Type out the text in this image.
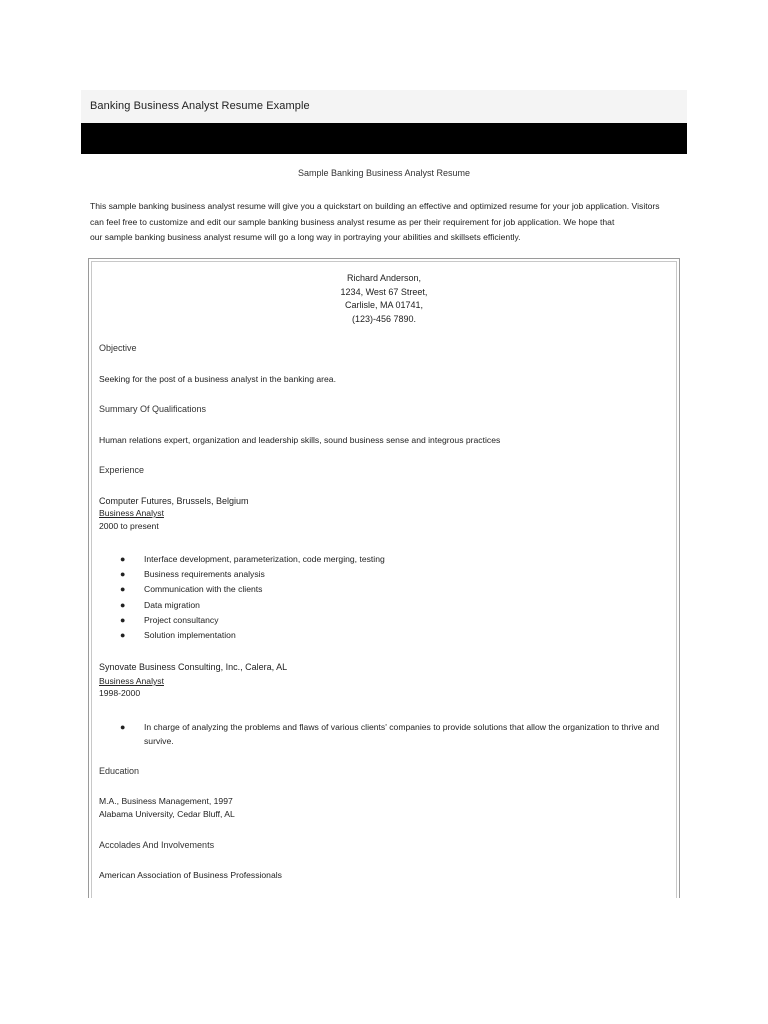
Banking Business Analyst Resume Example
Sample Banking Business Analyst Resume
This sample banking business analyst resume will give you a quickstart on building an effective and optimized resume for your job application. Visitors
can feel free to customize and edit our sample banking business analyst resume as per their requirement for job application. We hope that
our sample banking business analyst resume will go a long way in portraying your abilities and skillsets efficiently.
Richard Anderson,
1234, West 67 Street,
Carlisle, MA 01741,
(123)-456 7890.
Objective
Seeking for the post of a business analyst in the banking area.
Summary Of Qualifications
Human relations expert, organization and leadership skills, sound business sense and integrous practices
Experience
Computer Futures, Brussels, Belgium
Business Analyst
2000 to present
● Interface development, parameterization, code merging, testing
● Business requirements analysis
● Communication with the clients
● Data migration
● Project consultancy
● Solution implementation
Synovate Business Consulting, Inc., Calera, AL
Business Analyst
1998-2000
● In charge of analyzing the problems and flaws of various clients' companies to provide solutions that allow the organization to thrive and survive.
Education
M.A., Business Management, 1997
Alabama University, Cedar Bluff, AL
Accolades And Involvements
American Association of Business Professionals
